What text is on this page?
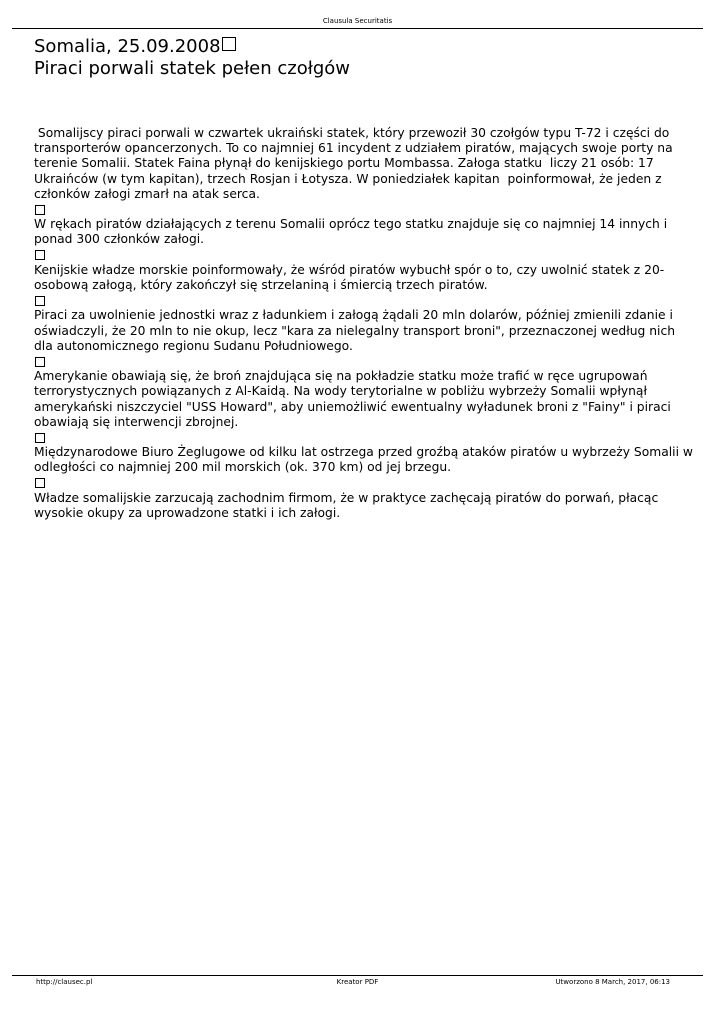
Clausula Securitatis
Somalia, 25.09.2008
Piraci porwali statek pełen czołgów

Somalijscy piraci porwali w czwartek ukraiński statek, który przewoził 30 czołgów typu T-72 i części do transporterów opancerzonych. To co najmniej 61 incydent z udziałem piratów, mających swoje porty na terenie Somalii. Statek Faina płynął do kenijskiego portu Mombassa. Załoga statku  liczy 21 osób: 17 Ukraińców (w tym kapitan), trzech Rosjan i Łotysza. W poniedziałek kapitan  poinformował, że jeden z członków załogi zmarł na atak serca.

W rękach piratów działających z terenu Somalii oprócz tego statku znajduje się co najmniej 14 innych i ponad 300 członków załogi.

Kenijskie władze morskie poinformowały, że wśród piratów wybuchł spór o to, czy uwolnić statek z 20-osobową załogą, który zakończył się strzelaniną i śmiercią trzech piratów.

Piraci za uwolnienie jednostki wraz z ładunkiem i załogą żądali 20 mln dolarów, później zmienili zdanie i oświadczyli, że 20 mln to nie okup, lecz "kara za nielegalny transport broni", przeznaczonej według nich dla autonomicznego regionu Sudanu Południowego.

Amerykanie obawiają się, że broń znajdująca się na pokładzie statku może trafić w ręce ugrupowań terrorystycznych powiązanych z Al-Kaidą. Na wody terytorialne w pobliżu wybrzeży Somalii wpłynął amerykański niszczyciel "USS Howard", aby uniemożliwić ewentualny wyładunek broni z "Fainy" i piraci obawiają się interwencji zbrojnej.

Międzynarodowe Biuro Żeglugowe od kilku lat ostrzega przed groźbą ataków piratów u wybrzeży Somalii w odległości co najmniej 200 mil morskich (ok. 370 km) od jej brzegu.

Władze somalijskie zarzucają zachodnim firmom, że w praktyce zachęcają piratów do porwań, płacąc wysokie okupy za uprowadzone statki i ich załogi.

http://clausec.pl	Kreator PDF	Utworzono 8 March, 2017, 06:13
